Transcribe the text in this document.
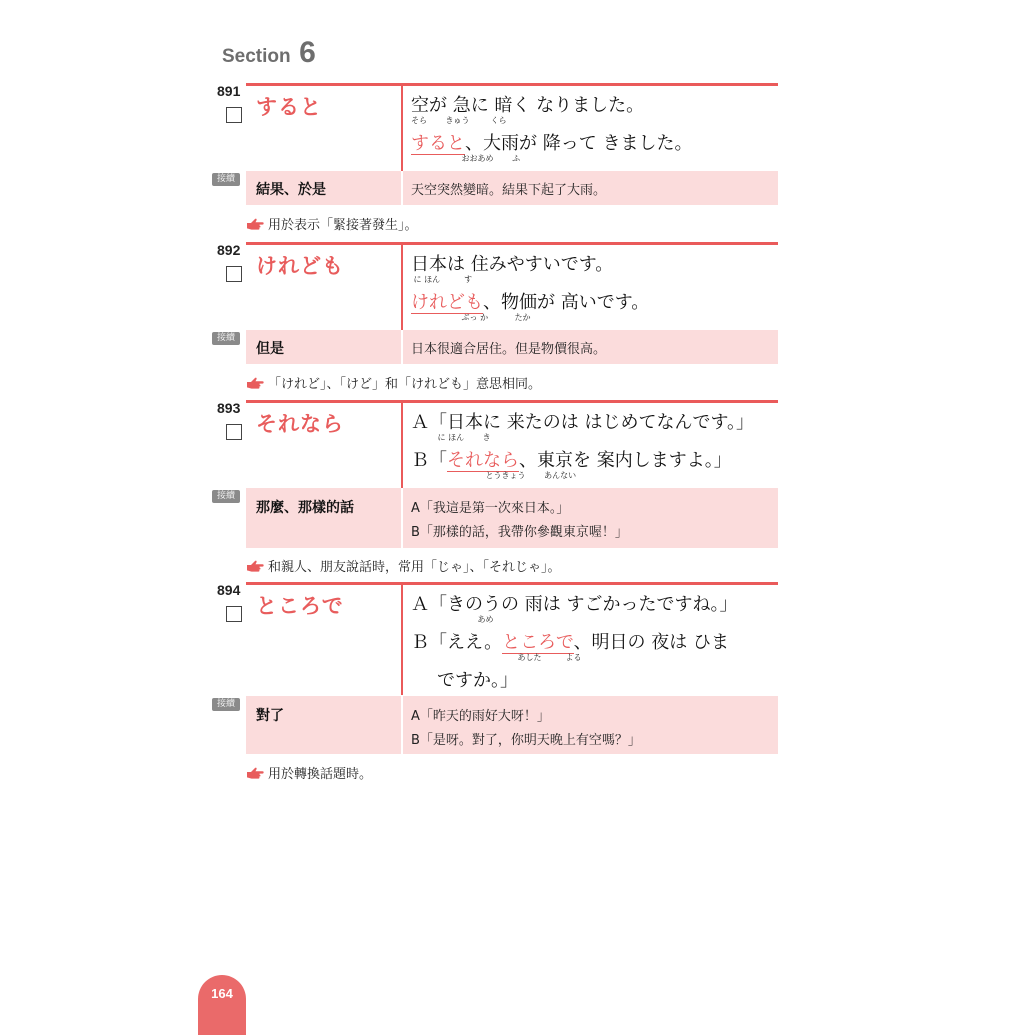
Section 6
891
すると	空が 急に 暗く なりました。
そら　　 きゅう　　  くら
すると、大雨が 降って きました。
　　　　　　 おおあめ　　 ふ
接續
結果、於是	天空突然變暗。結果下起了大雨。
用於表示「緊接著發生」。
892
けれども	日本は 住みやすいです。
に ほん　　　す
けれども、物価が 高いです。
　　　　　　 ぶっ か　　　 たか
接續
但是	日本很適合居住。但是物價很高。
「けれど」、「けど」和「けれども」意思相同。
893
それなら	Ａ「日本に 来たのは はじめてなんです。」
　　　 に ほん　　 き
Ｂ「それなら、東京を 案内しますよ。」
　　　　　　　　　 とうきょう　　 あんない
接續
那麼、那樣的話	A「我這是第一次來日本。」
B「那樣的話，我帶你參觀東京喔！」
和親人、朋友說話時，常用「じゃ」、「それじゃ」。
894
ところで	Ａ「きのうの 雨は すごかったですね。」
　　　　　　　　 あめ
Ｂ「ええ。ところで、明日の 夜は ひま
　　　　　　　　　　　　　 あした　　　よる
ですか。」
接續
對了	A「昨天的雨好大呀！」
B「是呀。對了，你明天晚上有空嗎？」
用於轉換話題時。
164
